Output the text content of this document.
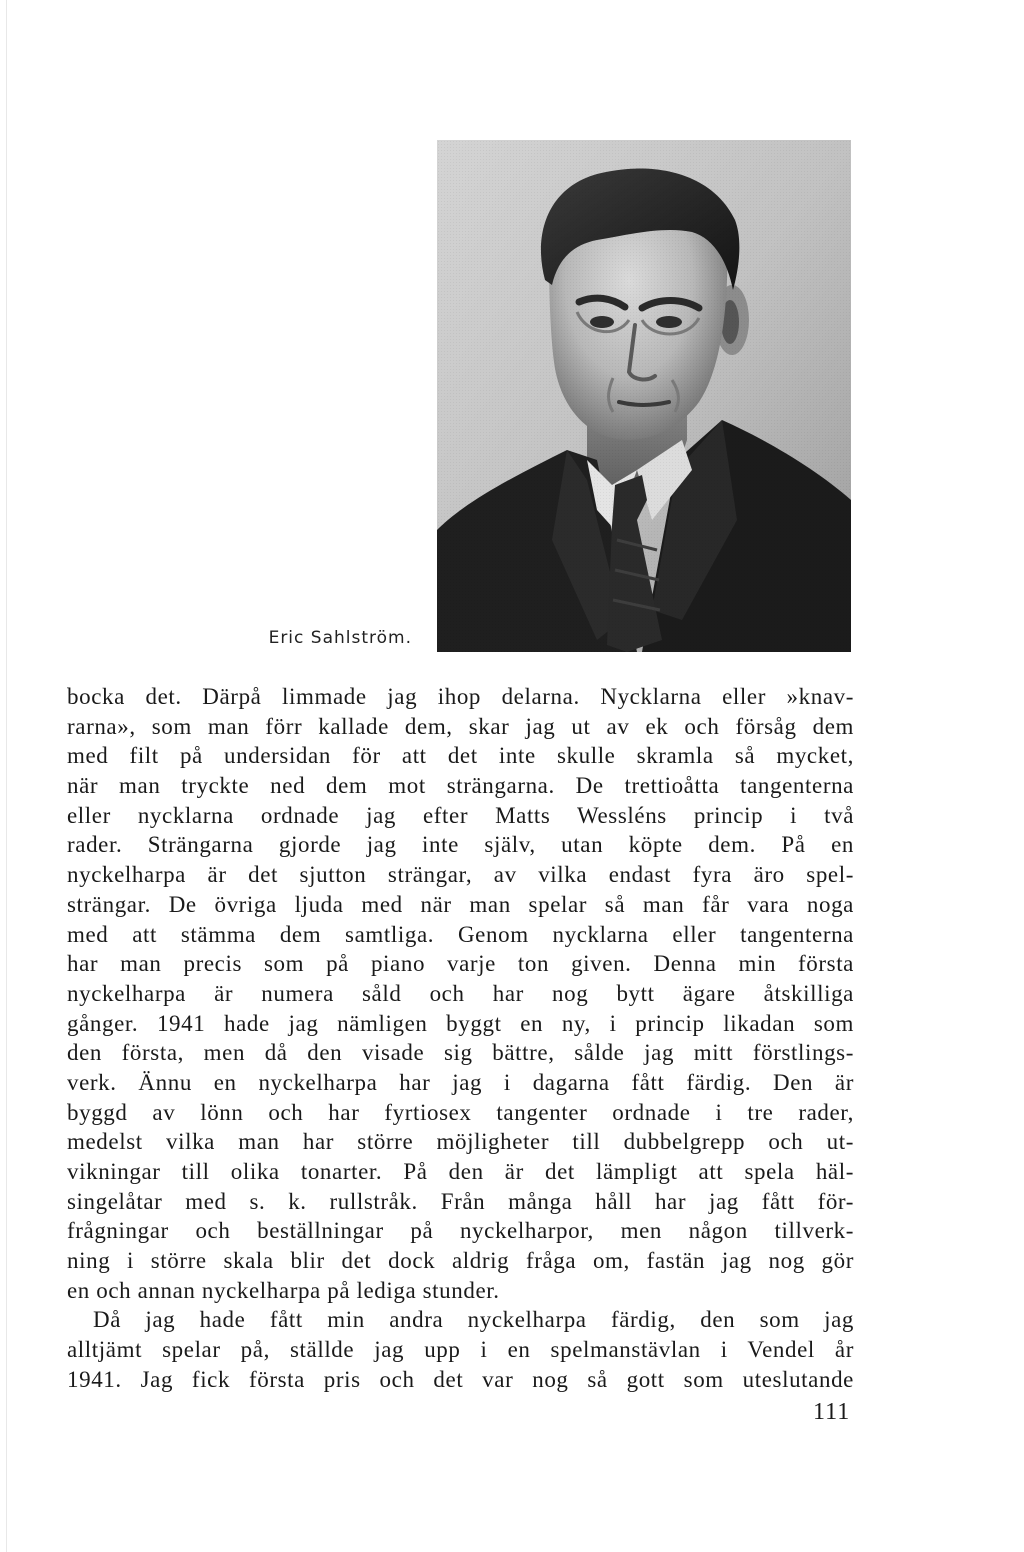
Eric Sahlström.
bocka det. Därpå limmade jag ihop delarna. Nycklarna eller »knav-
rarna», som man förr kallade dem, skar jag ut av ek och försåg dem
med filt på undersidan för att det inte skulle skramla så mycket,
när man tryckte ned dem mot strängarna. De trettioåtta tangenterna
eller nycklarna ordnade jag efter Matts Wessléns princip i två
rader. Strängarna gjorde jag inte själv, utan köpte dem. På en
nyckelharpa är det sjutton strängar, av vilka endast fyra äro spel-
strängar. De övriga ljuda med när man spelar så man får vara noga
med att stämma dem samtliga. Genom nycklarna eller tangenterna
har man precis som på piano varje ton given. Denna min första
nyckelharpa är numera såld och har nog bytt ägare åtskilliga
gånger. 1941 hade jag nämligen byggt en ny, i princip likadan som
den första, men då den visade sig bättre, sålde jag mitt förstlings-
verk. Ännu en nyckelharpa har jag i dagarna fått färdig. Den är
byggd av lönn och har fyrtiosex tangenter ordnade i tre rader,
medelst vilka man har större möjligheter till dubbelgrepp och ut-
vikningar till olika tonarter. På den är det lämpligt att spela häl-
singelåtar med s. k. rullstråk. Från många håll har jag fått för-
frågningar och beställningar på nyckelharpor, men någon tillverk-
ning i större skala blir det dock aldrig fråga om, fastän jag nog gör
en och annan nyckelharpa på lediga stunder.
Då jag hade fått min andra nyckelharpa färdig, den som jag
alltjämt spelar på, ställde jag upp i en spelmanstävlan i Vendel år
1941. Jag fick första pris och det var nog så gott som uteslutande
111
